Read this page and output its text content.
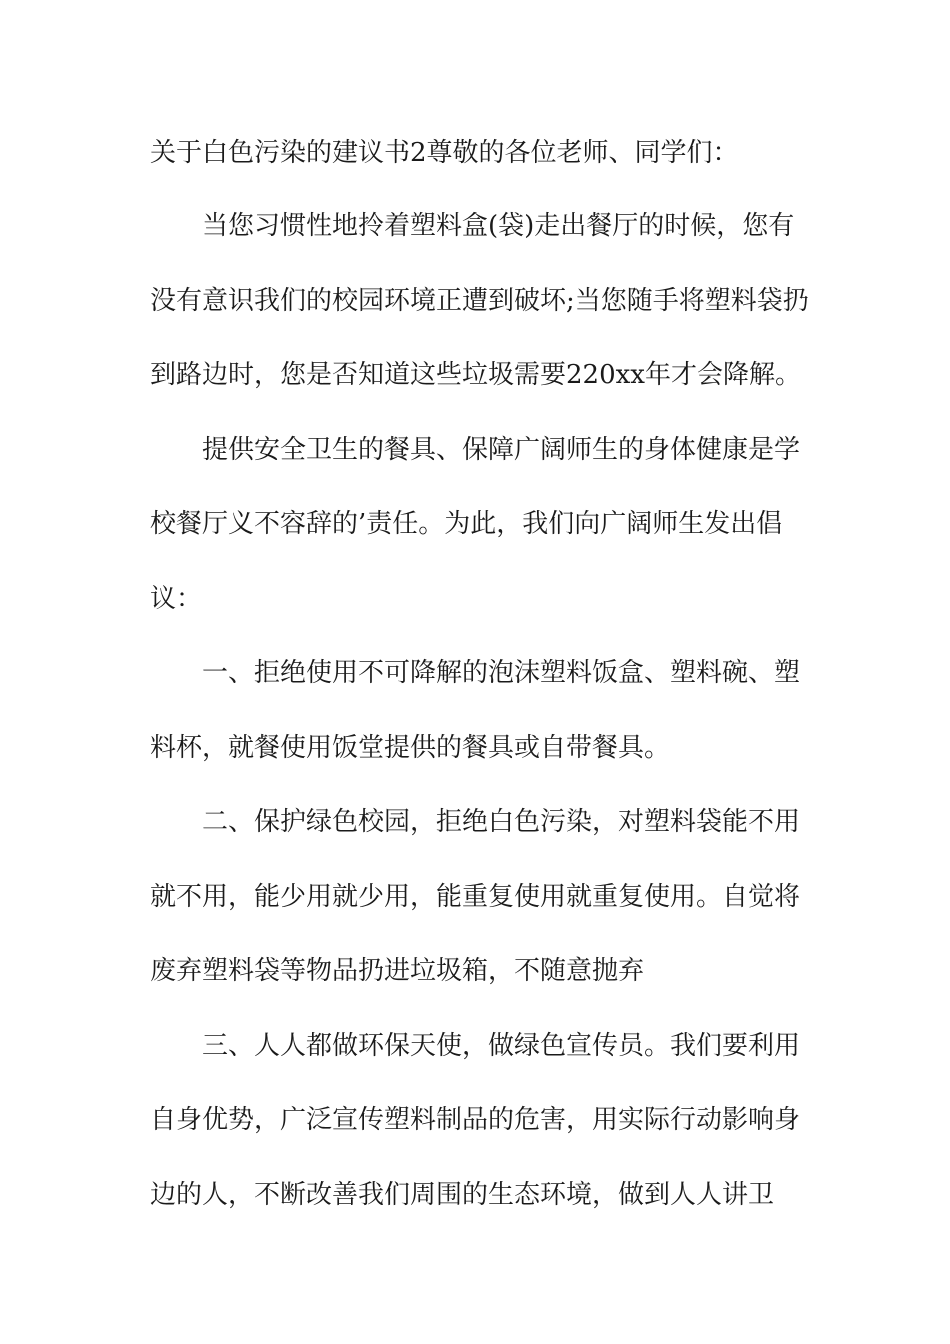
关于白色污染的建议书2尊敬的各位老师、同学们：
当您习惯性地拎着塑料盒(袋)走出餐厅的时候，您有
没有意识我们的校园环境正遭到破坏;当您随手将塑料袋扔
到路边时，您是否知道这些垃圾需要220xx年才会降解。
提供安全卫生的餐具、保障广阔师生的身体健康是学
校餐厅义不容辞的’责任。为此，我们向广阔师生发出倡
议：
一、拒绝使用不可降解的泡沫塑料饭盒、塑料碗、塑
料杯，就餐使用饭堂提供的餐具或自带餐具。
二、保护绿色校园，拒绝白色污染，对塑料袋能不用
就不用，能少用就少用，能重复使用就重复使用。自觉将
废弃塑料袋等物品扔进垃圾箱，不随意抛弃
三、人人都做环保天使，做绿色宣传员。我们要利用
自身优势，广泛宣传塑料制品的危害，用实际行动影响身
边的人，不断改善我们周围的生态环境，做到人人讲卫
